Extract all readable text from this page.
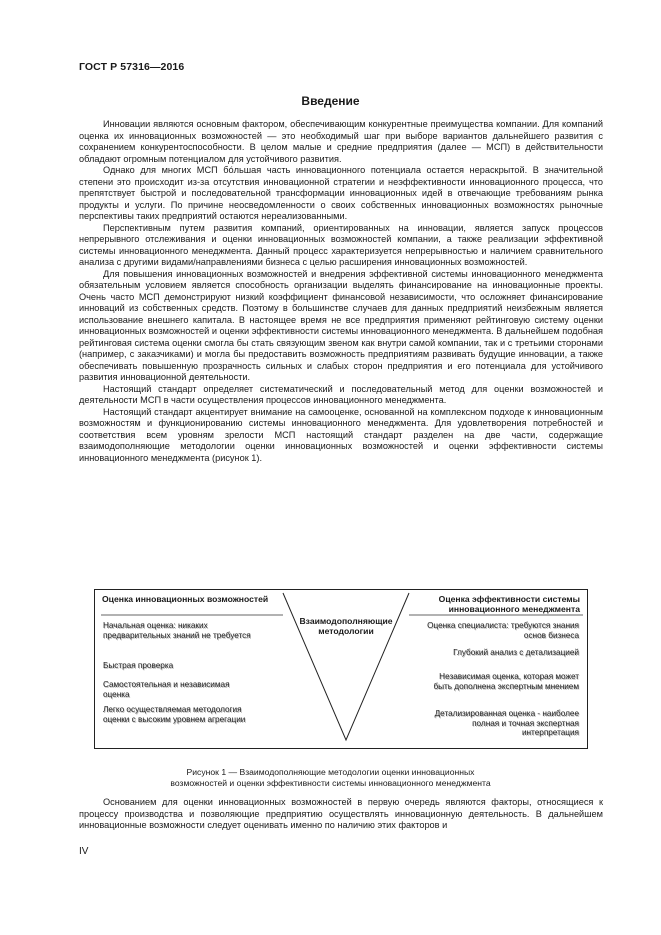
ГОСТ Р 57316—2016
Введение

Инновации являются основным фактором, обеспечивающим конкурентные преимущества компании. Для компаний оценка их инновационных возможностей — это необходимый шаг при выборе вариантов дальнейшего развития с сохранением конкурентоспособности. В целом малые и средние предприятия (далее — МСП) в действительности обладают огромным потенциалом для устойчивого развития.

Однако для многих МСП бóльшая часть инновационного потенциала остается нераскрытой. В значительной степени это происходит из-за отсутствия инновационной стратегии и неэффективности инновационного процесса, что препятствует быстрой и последовательной трансформации инновационных идей в отвечающие требованиям рынка продукты и услуги. По причине неосведомленности о своих собственных инновационных возможностях рыночные перспективы таких предприятий остаются нереализованными.

Перспективным путем развития компаний, ориентированных на инновации, является запуск процессов непрерывного отслеживания и оценки инновационных возможностей компании, а также реализации эффективной системы инновационного менеджмента. Данный процесс характеризуется непрерывностью и наличием сравнительного анализа с другими видами/направлениями бизнеса с целью расширения инновационных возможностей.

Для повышения инновационных возможностей и внедрения эффективной системы инновационного менеджмента обязательным условием является способность организации выделять финансирование на инновационные проекты. Очень часто МСП демонстрируют низкий коэффициент финансовой независимости, что осложняет финансирование инноваций из собственных средств. Поэтому в большинстве случаев для данных предприятий неизбежным является использование внешнего капитала. В настоящее время не все предприятия применяют рейтинговую систему оценки инновационных возможностей и оценки эффективности системы инновационного менеджмента. В дальнейшем подобная рейтинговая система оценки смогла бы стать связующим звеном как внутри самой компании, так и с третьими сторонами (например, с заказчиками) и могла бы предоставить возможность предприятиям развивать будущие инновации, а также обеспечивать повышенную прозрачность сильных и слабых сторон предприятия и его потенциала для устойчивого развития инновационной деятельности.

Настоящий стандарт определяет систематический и последовательный метод для оценки возможностей и деятельности МСП в части осуществления процессов инновационного менеджмента.

Настоящий стандарт акцентирует внимание на самооценке, основанной на комплексном подходе к инновационным возможностям и функционированию системы инновационного менеджмента. Для удовлетворения потребностей и соответствия всем уровням зрелости МСП настоящий стандарт разделен на две части, содержащие взаимодополняющие методологии оценки инновационных возможностей и оценки эффективности системы инновационного менеджмента (рисунок 1).

Оценка инновационных возможностей
Взаимодополняющие методологии
Оценка эффективности системы инновационного менеджмента
Начальная оценка: никаких предварительных знаний не требуется
Быстрая проверка
Самостоятельная и независимая оценка
Легко осуществляемая методология оценки с высоким уровнем агрегации
Оценка специалиста: требуются знания основ бизнеса
Глубокий анализ с детализацией
Независимая оценка, которая может быть дополнена экспертным мнением
Детализированная оценка - наиболее полная и точная экспертная интерпретация
Рисунок 1 — Взаимодополняющие методологии оценки инновационных
возможностей и оценки эффективности системы инновационного менеджмента

Основанием для оценки инновационных возможностей в первую очередь являются факторы, относящиеся к процессу производства и позволяющие предприятию осуществлять инновационную деятельность. В дальнейшем инновационные возможности следует оценивать именно по наличию этих факторов и

IV
